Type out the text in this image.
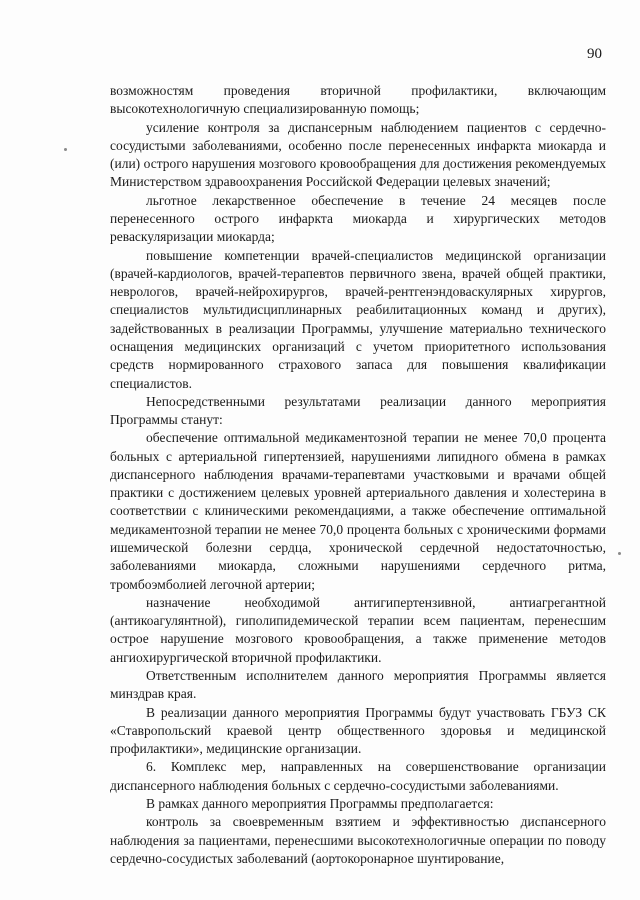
90

возможностям проведения вторичной профилактики, включающим высокотехнологичную специализированную помощь;

усиление контроля за диспансерным наблюдением пациентов с сердечно-сосудистыми заболеваниями, особенно после перенесенных инфаркта миокарда и (или) острого нарушения мозгового кровообращения для достижения рекомендуемых Министерством здравоохранения Российской Федерации целевых значений;

льготное лекарственное обеспечение в течение 24 месяцев после перенесенного острого инфаркта миокарда и хирургических методов реваскуляризации миокарда;

повышение компетенции врачей-специалистов медицинской организации (врачей-кардиологов, врачей-терапевтов первичного звена, врачей общей практики, неврологов, врачей-нейрохирургов, врачей-рентгенэндоваскулярных хирургов, специалистов мультидисциплинарных реабилитационных команд и других), задействованных в реализации Программы, улучшение материально технического оснащения медицинских организаций с учетом приоритетного использования средств нормированного страхового запаса для повышения квалификации специалистов.

Непосредственными результатами реализации данного мероприятия Программы станут:

обеспечение оптимальной медикаментозной терапии не менее 70,0 процента больных с артериальной гипертензией, нарушениями липидного обмена в рамках диспансерного наблюдения врачами-терапевтами участковыми и врачами общей практики с достижением целевых уровней артериального давления и холестерина в соответствии с клиническими рекомендациями, а также обеспечение оптимальной медикаментозной терапии не менее 70,0 процента больных с хроническими формами ишемической болезни сердца, хронической сердечной недостаточностью, заболеваниями миокарда, сложными нарушениями сердечного ритма, тромбоэмболией легочной артерии;

назначение необходимой антигипертензивной, антиагрегантной (антикоагулянтной), гиполипидемической терапии всем пациентам, перенесшим острое нарушение мозгового кровообращения, а также применение методов ангиохирургической вторичной профилактики.

Ответственным исполнителем данного мероприятия Программы является минздрав края.

В реализации данного мероприятия Программы будут участвовать ГБУЗ СК «Ставропольский краевой центр общественного здоровья и медицинской профилактики», медицинские организации.

6. Комплекс мер, направленных на совершенствование организации диспансерного наблюдения больных с сердечно-сосудистыми заболеваниями.

В рамках данного мероприятия Программы предполагается:

контроль за своевременным взятием и эффективностью диспансерного наблюдения за пациентами, перенесшими высокотехнологичные операции по поводу сердечно-сосудистых заболеваний (аортокоронарное шунтирование,
